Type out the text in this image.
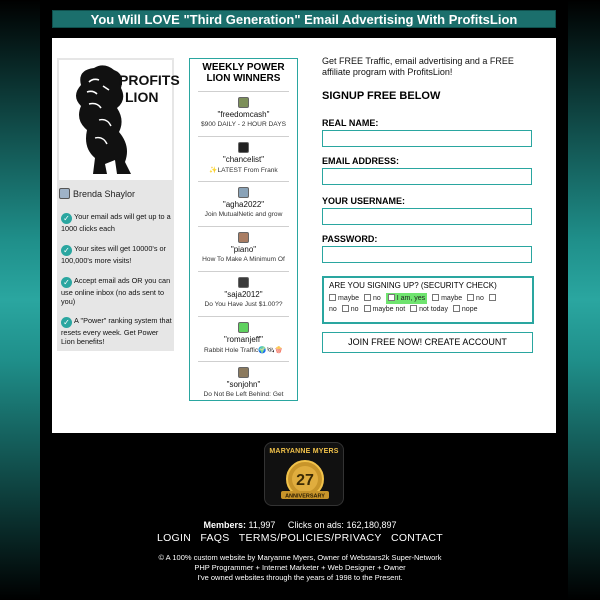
You Will LOVE "Third Generation" Email Advertising With ProfitsLion
PROFITS
LION
Brenda Shaylor
✓ Your email ads will get up to a 1000 clicks each
✓ Your sites will get 10000's or 100,000's more visits!
✓ Accept email ads OR you can use online inbox (no ads sent to you)
✓ A "Power" ranking system that resets every week. Get Power Lion benefits!
WEEKLY POWER LION WINNERS
"freedomcash"
$900 DAILY - 2 HOUR DAYS
"chancelist"
✨LATEST From Frank
"agha2022"
Join MutualNetic and grow
"piano"
How To Make A Minimum Of
"saja2012"
Do You Have Just $1.00??
"romanjeff"
Rabbit Hole Traffic🌍🛰🍿
"sonjohn"
Do Not Be Left Behind: Get
Get FREE Traffic, email advertising and a FREE affiliate program with ProfitsLion!
SIGNUP FREE BELOW
REAL NAME:
EMAIL ADDRESS:
YOUR USERNAME:
PASSWORD:
ARE YOU SIGNING UP? (SECURITY CHECK)
maybe no I am, yes maybe no
no no maybe not not today nope
JOIN FREE NOW! CREATE ACCOUNT
MARYANNE MYERS
27
ANNIVERSARY
Members: 11,997 Clicks on ads: 162,180,897
LOGIN FAQS TERMS/POLICIES/PRIVACY CONTACT
© A 100% custom website by Maryanne Myers, Owner of Webstars2k Super-Network
PHP Programmer + Internet Marketer + Web Designer + Owner
I've owned websites through the years of 1998 to the Present.
